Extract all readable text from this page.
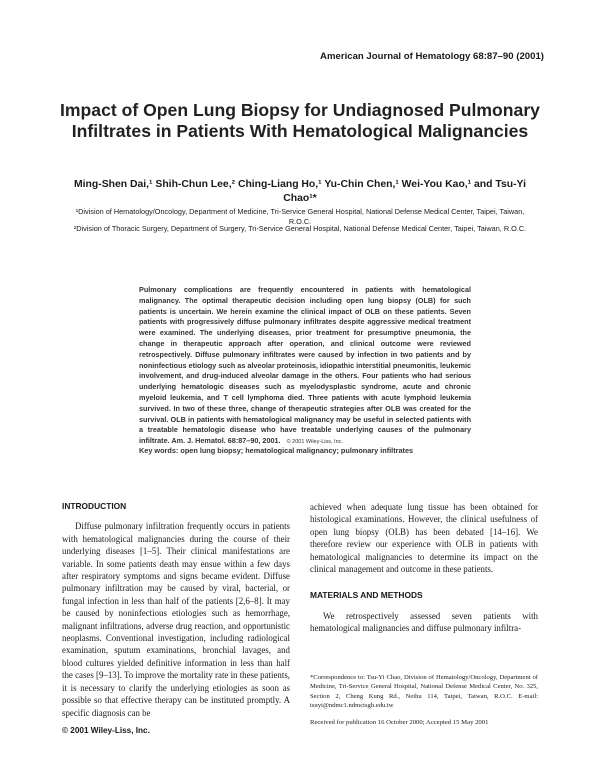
American Journal of Hematology 68:87–90 (2001)
Impact of Open Lung Biopsy for Undiagnosed Pulmonary Infiltrates in Patients With Hematological Malignancies
Ming-Shen Dai,¹ Shih-Chun Lee,² Ching-Liang Ho,¹ Yu-Chin Chen,¹ Wei-You Kao,¹ and Tsu-Yi Chao¹*
¹Division of Hematology/Oncology, Department of Medicine, Tri-Service General Hospital, National Defense Medical Center, Taipei, Taiwan, R.O.C.
²Division of Thoracic Surgery, Department of Surgery, Tri-Service General Hospital, National Defense Medical Center, Taipei, Taiwan, R.O.C.
Pulmonary complications are frequently encountered in patients with hematological malignancy. The optimal therapeutic decision including open lung biopsy (OLB) for such patients is uncertain. We herein examine the clinical impact of OLB on these patients. Seven patients with progressively diffuse pulmonary infiltrates despite aggressive medical treatment were examined. The underlying diseases, prior treatment for presumptive pneumonia, the change in therapeutic approach after operation, and clinical outcome were reviewed retrospectively. Diffuse pulmonary infiltrates were caused by infection in two patients and by noninfectious etiology such as alveolar proteinosis, idiopathic interstitial pneumonitis, leukemic involvement, and drug-induced alveolar damage in the others. Four patients who had serious underlying hematologic diseases such as myelodysplastic syndrome, acute and chronic myeloid leukemia, and T cell lymphoma died. Three patients with acute lymphoid leukemia survived. In two of these three, change of therapeutic strategies after OLB was created for the survival. OLB in patients with hematological malignancy may be useful in selected patients with a treatable hematologic disease who have treatable underlying causes of the pulmonary infiltrate. Am. J. Hematol. 68:87–90, 2001. © 2001 Wiley-Liss, Inc.
Key words: open lung biopsy; hematological malignancy; pulmonary infiltrates
INTRODUCTION

Diffuse pulmonary infiltration frequently occurs in patients with hematological malignancies during the course of their underlying diseases [1–5]. Their clinical manifestations are variable. In some patients death may ensue within a few days after respiratory symptoms and signs became evident. Diffuse pulmonary infiltration may be caused by viral, bacterial, or fungal infection in less than half of the patients [2,6–8]. It may be caused by noninfectious etiologies such as hemorrhage, malignant infiltrations, adverse drug reaction, and opportunistic neoplasms. Conventional investigation, including radiological examination, sputum examinations, bronchial lavages, and blood cultures yielded definitive information in less than half the cases [9–13]. To improve the mortality rate in these patients, it is necessary to clarify the underlying etiologies as soon as possible so that effective therapy can be instituted promptly. A specific diagnosis can be

achieved when adequate lung tissue has been obtained for histological examinations. However, the clinical usefulness of open lung biopsy (OLB) has been debated [14–16]. We therefore review our experience with OLB in patients with hematological malignancies to determine its impact on the clinical management and outcome in these patients.

MATERIALS AND METHODS

We retrospectively assessed seven patients with hematological malignancies and diffuse pulmonary infiltra-

*Correspondence to: Tsu-Yi Chao, Division of Hematology/Oncology, Department of Medicine, Tri-Service General Hospital, National Defense Medical Center, No. 325, Section 2, Cheng Kung Rd., Neihu 114, Taipei, Taiwan, R.O.C. E-mail: tsuyi@ndmc1.ndmctsgh.edu.tw
Received for publication 16 October 2000; Accepted 15 May 2001
© 2001 Wiley-Liss, Inc.
